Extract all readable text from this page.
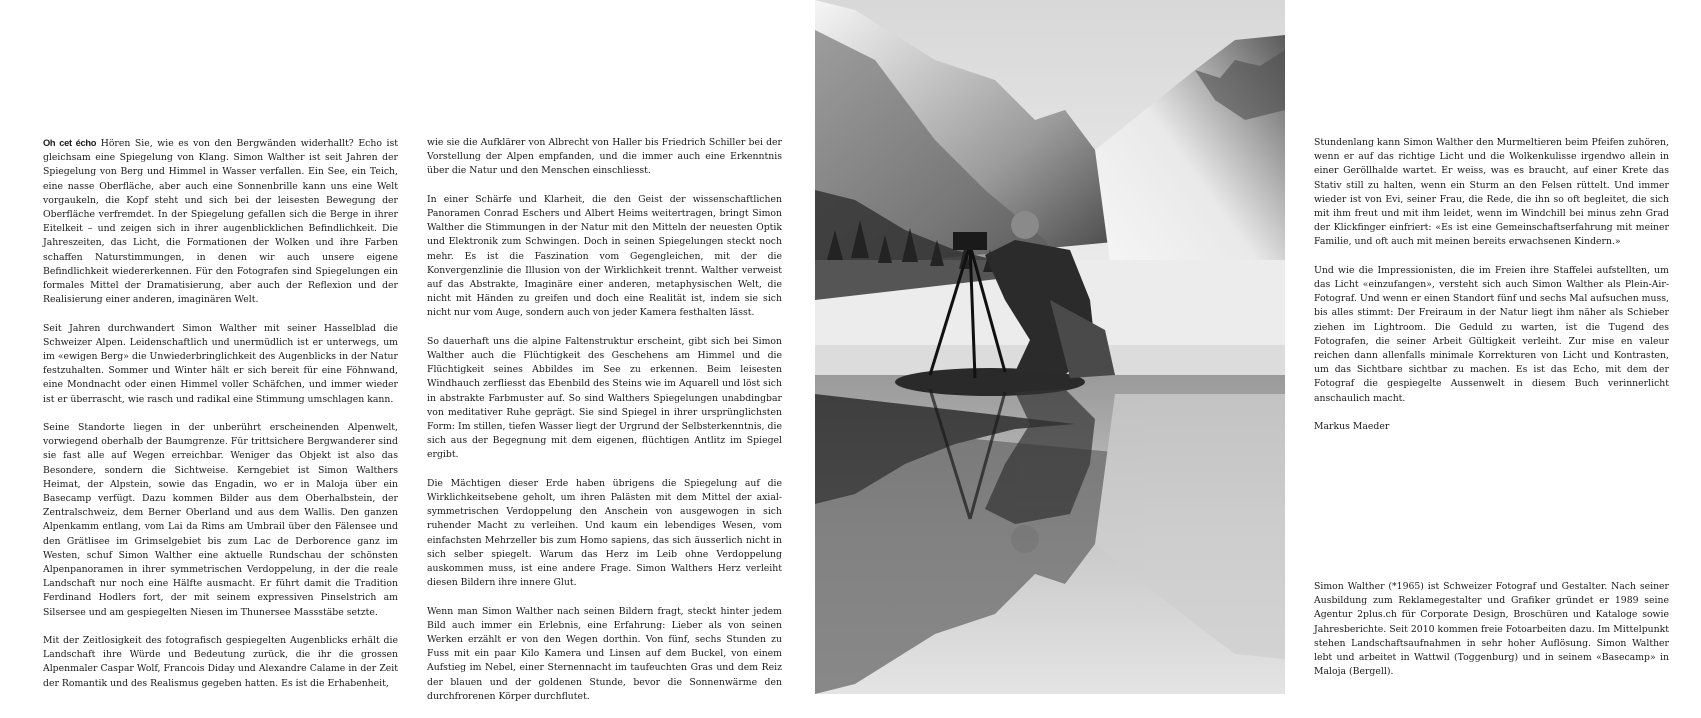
Oh cet écho Hören Sie, wie es von den Bergwänden widerhallt? Echo ist gleichsam eine Spiegelung von Klang. Simon Walther ist seit Jahren der Spiegelung von Berg und Himmel in Wasser verfallen. Ein See, ein Teich, eine nasse Oberfläche, aber auch eine Sonnenbrille kann uns eine Welt vorgaukeln, die Kopf steht und sich bei der leisesten Bewegung der Oberfläche verfremdet. In der Spiegelung gefallen sich die Berge in ihrer Eitelkeit – und zeigen sich in ihrer augenblicklichen Befindlichkeit. Die Jahreszeiten, das Licht, die Formationen der Wolken und ihre Farben schaffen Naturstimmungen, in denen wir auch unsere eigene Befindlichkeit wiedererkennen. Für den Fotografen sind Spiegelungen ein formales Mittel der Dramatisierung, aber auch der Reflexion und der Realisierung einer anderen, imaginären Welt.

Seit Jahren durchwandert Simon Walther mit seiner Hasselblad die Schweizer Alpen. Leidenschaftlich und unermüdlich ist er unterwegs, um im «ewigen Berg» die Unwiederbringlichkeit des Augenblicks in der Natur festzuhalten. Sommer und Winter hält er sich bereit für eine Föhnwand, eine Mondnacht oder einen Himmel voller Schäfchen, und immer wieder ist er überrascht, wie rasch und radikal eine Stimmung umschlagen kann.

Seine Standorte liegen in der unberührt erscheinenden Alpenwelt, vorwiegend oberhalb der Baumgrenze. Für trittsichere Bergwanderer sind sie fast alle auf Wegen erreichbar. Weniger das Objekt ist also das Besondere, sondern die Sichtweise. Kerngebiet ist Simon Walthers Heimat, der Alpstein, sowie das Engadin, wo er in Maloja über ein Basecamp verfügt. Dazu kommen Bilder aus dem Oberhalbstein, der Zentralschweiz, dem Berner Oberland und aus dem Wallis. Den ganzen Alpenkamm entlang, vom Lai da Rims am Umbrail über den Fälensee und den Grätlisee im Grimselgebiet bis zum Lac de Derborence ganz im Westen, schuf Simon Walther eine aktuelle Rundschau der schönsten Alpenpanoramen in ihrer symmetrischen Verdoppelung, in der die reale Landschaft nur noch eine Hälfte ausmacht. Er führt damit die Tradition Ferdinand Hodlers fort, der mit seinem expressiven Pinselstrich am Silsersee und am gespiegelten Niesen im Thunersee Massstäbe setzte.

Mit der Zeitlosigkeit des fotografisch gespiegelten Augenblicks erhält die Landschaft ihre Würde und Bedeutung zurück, die ihr die grossen Alpenmaler Caspar Wolf, Francois Diday und Alexandre Calame in der Zeit der Romantik und des Realismus gegeben hatten. Es ist die Erhabenheit,

wie sie die Aufklärer von Albrecht von Haller bis Friedrich Schiller bei der Vorstellung der Alpen empfanden, und die immer auch eine Erkenntnis über die Natur und den Menschen einschliesst.

In einer Schärfe und Klarheit, die den Geist der wissenschaftlichen Panoramen Conrad Eschers und Albert Heims weitertragen, bringt Simon Walther die Stimmungen in der Natur mit den Mitteln der neuesten Optik und Elektronik zum Schwingen. Doch in seinen Spiegelungen steckt noch mehr. Es ist die Faszination vom Gegengleichen, mit der die Konvergenzlinie die Illusion von der Wirklichkeit trennt. Walther verweist auf das Abstrakte, Imaginäre einer anderen, metaphysischen Welt, die nicht mit Händen zu greifen und doch eine Realität ist, indem sie sich nicht nur vom Auge, sondern auch von jeder Kamera festhalten lässt.

So dauerhaft uns die alpine Faltenstruktur erscheint, gibt sich bei Simon Walther auch die Flüchtigkeit des Geschehens am Himmel und die Flüchtigkeit seines Abbildes im See zu erkennen. Beim leisesten Windhauch zerfliesst das Ebenbild des Steins wie im Aquarell und löst sich in abstrakte Farbmuster auf. So sind Walthers Spiegelungen unabdingbar von meditativer Ruhe geprägt. Sie sind Spiegel in ihrer ursprünglichsten Form: Im stillen, tiefen Wasser liegt der Urgrund der Selbsterkenntnis, die sich aus der Begegnung mit dem eigenen, flüchtigen Antlitz im Spiegel ergibt.

Die Mächtigen dieser Erde haben übrigens die Spiegelung auf die Wirklichkeitsebene geholt, um ihren Palästen mit dem Mittel der axial-symmetrischen Verdoppelung den Anschein von ausgewogen in sich ruhender Macht zu verleihen. Und kaum ein lebendiges Wesen, vom einfachsten Mehrzeller bis zum Homo sapiens, das sich äusserlich nicht in sich selber spiegelt. Warum das Herz im Leib ohne Verdoppelung auskommen muss, ist eine andere Frage. Simon Walthers Herz verleiht diesen Bildern ihre innere Glut.

Wenn man Simon Walther nach seinen Bildern fragt, steckt hinter jedem Bild auch immer ein Erlebnis, eine Erfahrung: Lieber als von seinen Werken erzählt er von den Wegen dorthin. Von fünf, sechs Stunden zu Fuss mit ein paar Kilo Kamera und Linsen auf dem Buckel, von einem Aufstieg im Nebel, einer Sternennacht im taufeuchten Gras und dem Reiz der blauen und der goldenen Stunde, bevor die Sonnenwärme den durchfrorenen Körper durchflutet.

Stundenlang kann Simon Walther den Murmeltieren beim Pfeifen zuhören, wenn er auf das richtige Licht und die Wolkenkulisse irgendwo allein in einer Geröllhalde wartet. Er weiss, was es braucht, auf einer Krete das Stativ still zu halten, wenn ein Sturm an den Felsen rüttelt. Und immer wieder ist von Evi, seiner Frau, die Rede, die ihn so oft begleitet, die sich mit ihm freut und mit ihm leidet, wenn im Windchill bei minus zehn Grad der Klickfinger einfriert: «Es ist eine Gemeinschaftserfahrung mit meiner Familie, und oft auch mit meinen bereits erwachsenen Kindern.»

Und wie die Impressionisten, die im Freien ihre Staffelei aufstellten, um das Licht «einzufangen», versteht sich auch Simon Walther als Plein-Air-Fotograf. Und wenn er einen Standort fünf und sechs Mal aufsuchen muss, bis alles stimmt: Der Freiraum in der Natur liegt ihm näher als Schieber ziehen im Lightroom. Die Geduld zu warten, ist die Tugend des Fotografen, die seiner Arbeit Gültigkeit verleiht. Zur mise en valeur reichen dann allenfalls minimale Korrekturen von Licht und Kontrasten, um das Sichtbare sichtbar zu machen. Es ist das Echo, mit dem der Fotograf die gespiegelte Aussenwelt in diesem Buch verinnerlicht anschaulich macht.

Markus Maeder

Simon Walther (*1965) ist Schweizer Fotograf und Gestalter. Nach seiner Ausbildung zum Reklamegestalter und Grafiker gründet er 1989 seine Agentur 2plus.ch für Corporate Design, Broschüren und Kataloge sowie Jahresberichte. Seit 2010 kommen freie Fotoarbeiten dazu. Im Mittelpunkt stehen Landschaftsaufnahmen in sehr hoher Auflösung. Simon Walther lebt und arbeitet in Wattwil (Toggenburg) und in seinem «Basecamp» in Maloja (Bergell).
